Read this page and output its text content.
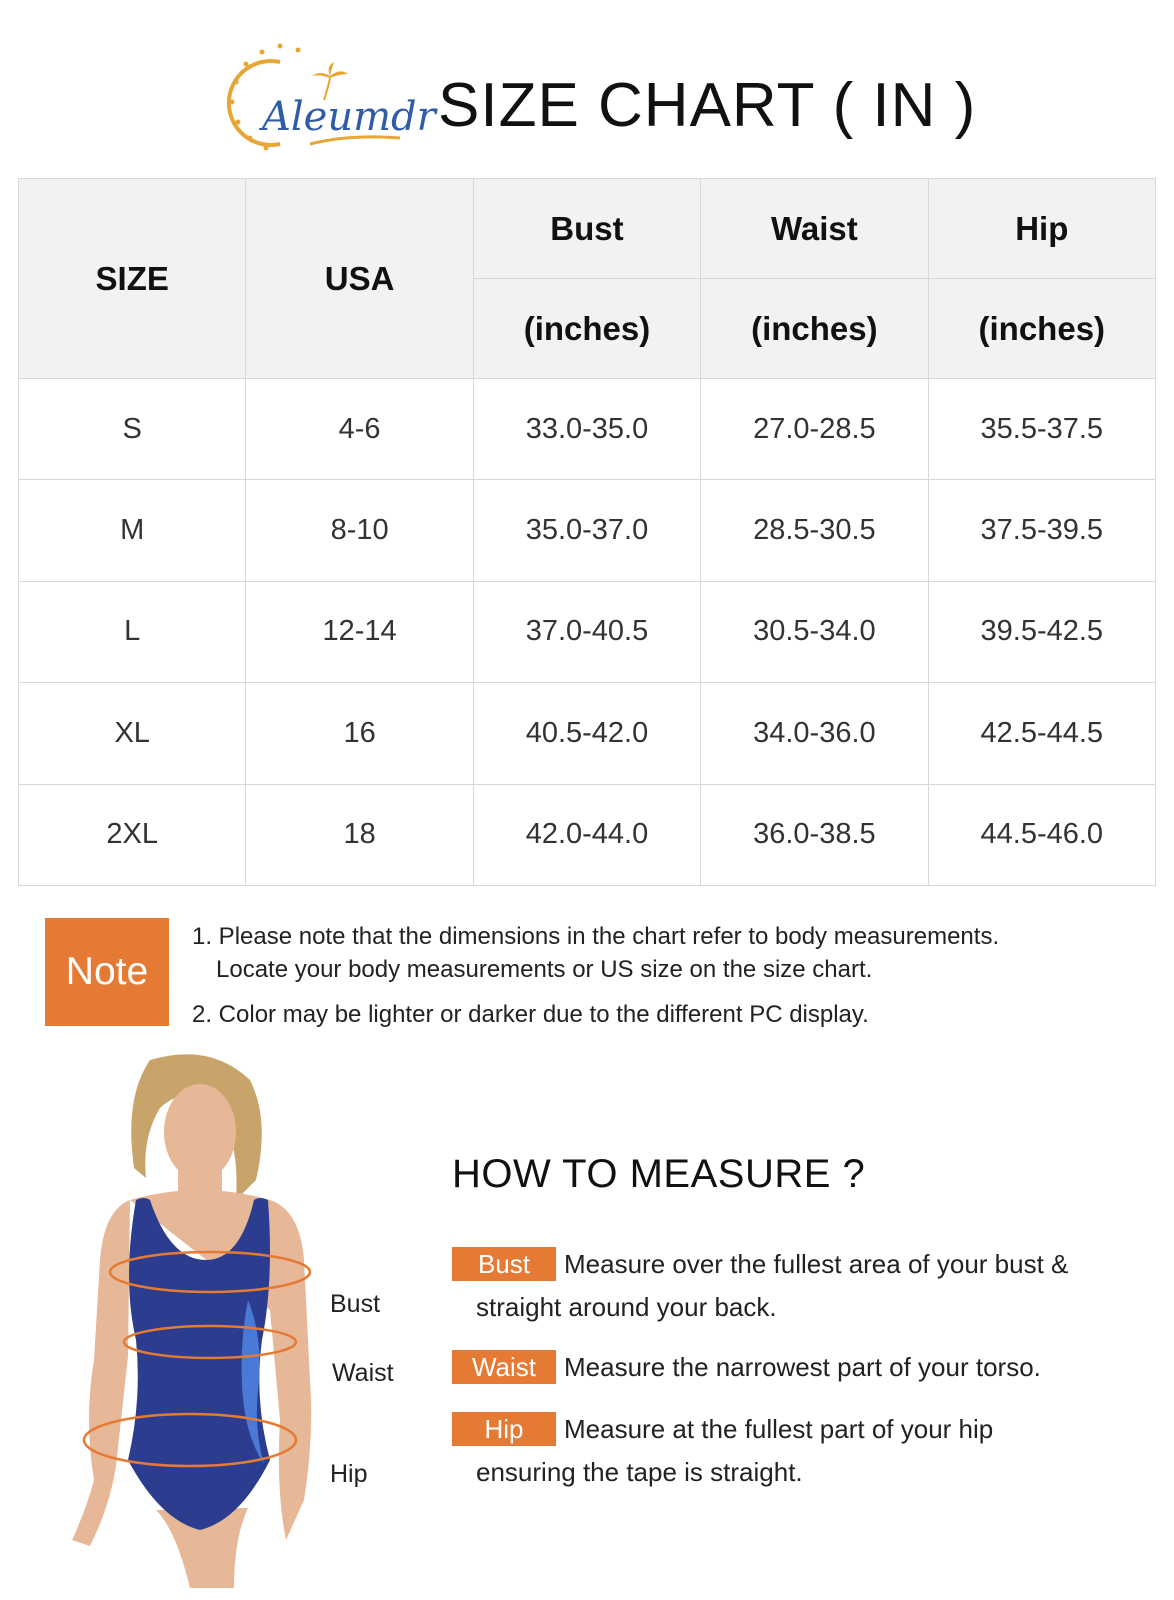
Aleumdr SIZE CHART ( IN )
SIZE	USA	Bust	Waist	Hip
		(inches)	(inches)	(inches)
S	4-6	33.0-35.0	27.0-28.5	35.5-37.5
M	8-10	35.0-37.0	28.5-30.5	37.5-39.5
L	12-14	37.0-40.5	30.5-34.0	39.5-42.5
XL	16	40.5-42.0	34.0-36.0	42.5-44.5
2XL	18	42.0-44.0	36.0-38.5	44.5-46.0
Note
1. Please note that the dimensions in the chart refer to body measurements.
Locate your body measurements or US size on the size chart.
2. Color may be lighter or darker due to the different PC display.
Bust
Waist
Hip
HOW TO MEASURE ?
Bust	Measure over the fullest area of your bust &
straight around your back.
Waist	Measure the narrowest part of your torso.
Hip	Measure at the fullest part of your hip
ensuring the tape is straight.
